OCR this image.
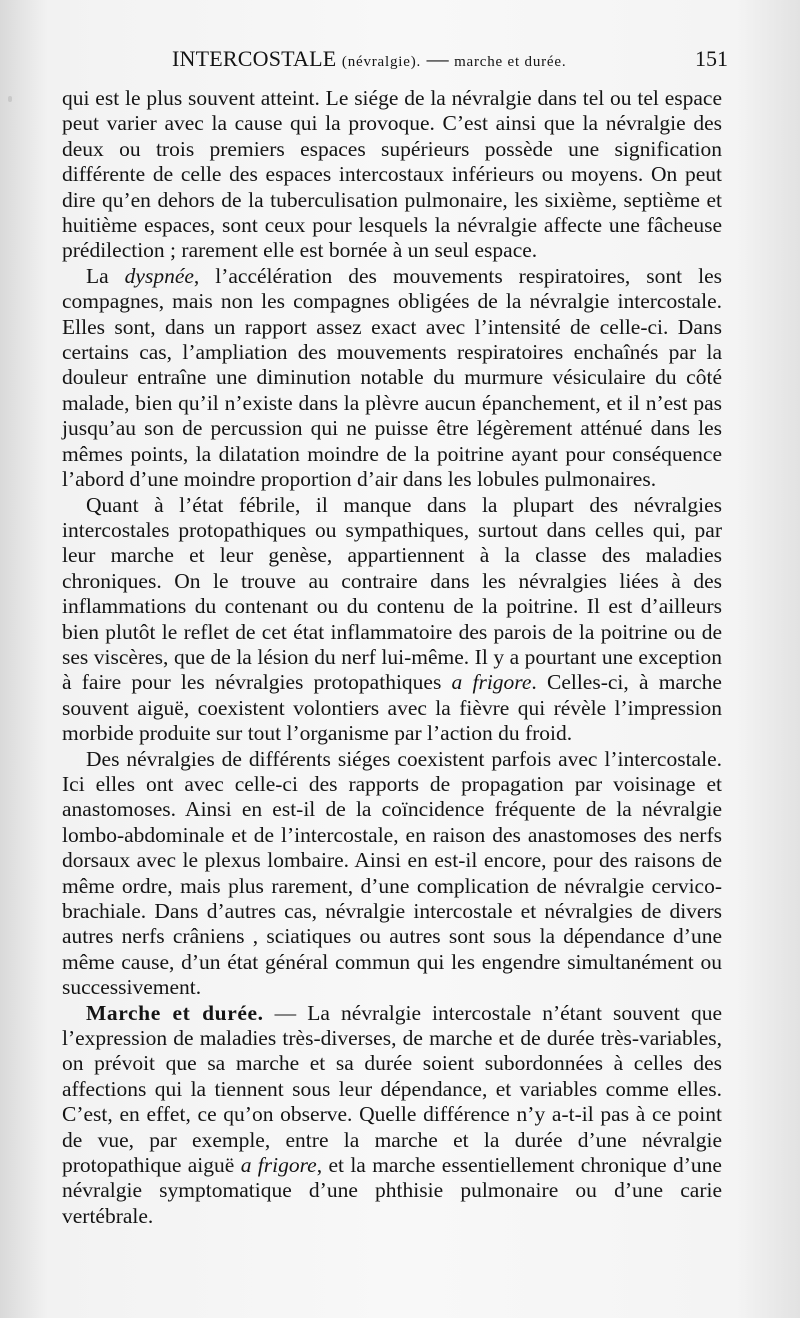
INTERCOSTALE (névralgie). — marche et durée.	151

qui est le plus souvent atteint. Le siége de la névralgie dans tel ou tel espace peut varier avec la cause qui la provoque. C’est ainsi que la névralgie des deux ou trois premiers espaces supérieurs possède une signification différente de celle des espaces intercostaux inférieurs ou moyens. On peut dire qu’en dehors de la tuberculisation pulmonaire, les sixième, septième et huitième espaces, sont ceux pour lesquels la névralgie affecte une fâcheuse prédilection ; rarement elle est bornée à un seul espace.

La dyspnée, l’accélération des mouvements respiratoires, sont les compagnes, mais non les compagnes obligées de la névralgie intercostale. Elles sont, dans un rapport assez exact avec l’intensité de celle-ci. Dans certains cas, l’ampliation des mouvements respiratoires enchaînés par la douleur entraîne une diminution notable du murmure vésiculaire du côté malade, bien qu’il n’existe dans la plèvre aucun épanchement, et il n’est pas jusqu’au son de percussion qui ne puisse être légèrement atténué dans les mêmes points, la dilatation moindre de la poitrine ayant pour conséquence l’abord d’une moindre proportion d’air dans les lobules pulmonaires.

Quant à l’état fébrile, il manque dans la plupart des névralgies intercostales protopathiques ou sympathiques, surtout dans celles qui, par leur marche et leur genèse, appartiennent à la classe des maladies chroniques. On le trouve au contraire dans les névralgies liées à des inflammations du contenant ou du contenu de la poitrine. Il est d’ailleurs bien plutôt le reflet de cet état inflammatoire des parois de la poitrine ou de ses viscères, que de la lésion du nerf lui-même. Il y a pourtant une exception à faire pour les névralgies protopathiques a frigore. Celles-ci, à marche souvent aiguë, coexistent volontiers avec la fièvre qui révèle l’impression morbide produite sur tout l’organisme par l’action du froid.

Des névralgies de différents siéges coexistent parfois avec l’intercostale. Ici elles ont avec celle-ci des rapports de propagation par voisinage et anastomoses. Ainsi en est-il de la coïncidence fréquente de la névralgie lombo-abdominale et de l’intercostale, en raison des anastomoses des nerfs dorsaux avec le plexus lombaire. Ainsi en est-il encore, pour des raisons de même ordre, mais plus rarement, d’une complication de névralgie cervico-brachiale. Dans d’autres cas, névralgie intercostale et névralgies de divers autres nerfs crâniens , sciatiques ou autres sont sous la dépendance d’une même cause, d’un état général commun qui les engendre simultanément ou successivement.

Marche et durée. — La névralgie intercostale n’étant souvent que l’expression de maladies très-diverses, de marche et de durée très-variables, on prévoit que sa marche et sa durée soient subordonnées à celles des affections qui la tiennent sous leur dépendance, et variables comme elles. C’est, en effet, ce qu’on observe. Quelle différence n’y a-t-il pas à ce point de vue, par exemple, entre la marche et la durée d’une névralgie protopathique aiguë a frigore, et la marche essentiellement chronique d’une névralgie symptomatique d’une phthisie pulmonaire ou d’une carie vertébrale.
